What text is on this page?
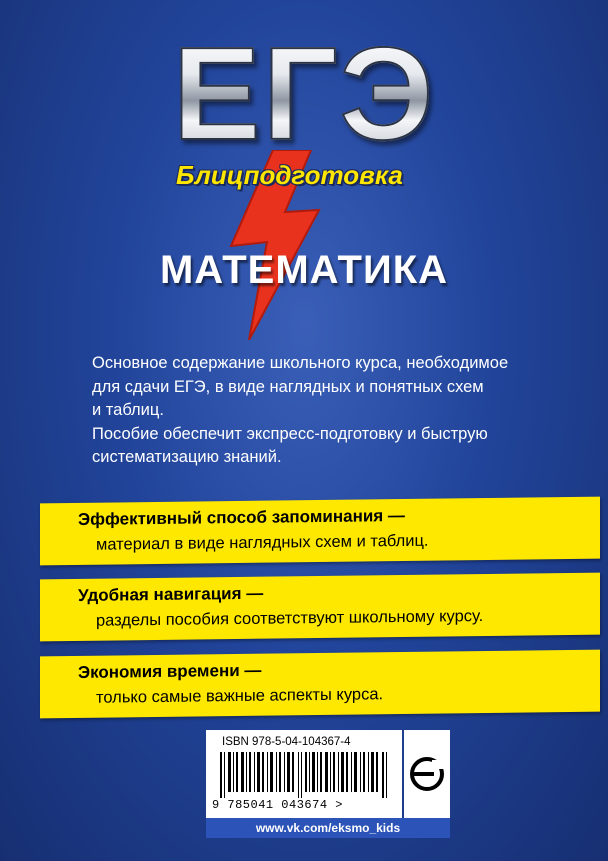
ЕГЭ
Блицподготовка
МАТЕМАТИКА

Основное содержание школьного курса, необходимое

для сдачи ЕГЭ, в виде наглядных и понятных схем

и таблиц.

Пособие обеспечит экспресс-подготовку и быструю

систематизацию знаний.

Эффективный способ запоминания —
материал в виде наглядных схем и таблиц.
Удобная навигация —
разделы пособия соответствуют школьному курсу.
Экономия времени —
только самые важные аспекты курса.
ISBN 978-5-04-104367-4
9 785041 043674 >
www.vk.com/eksmo_kids
